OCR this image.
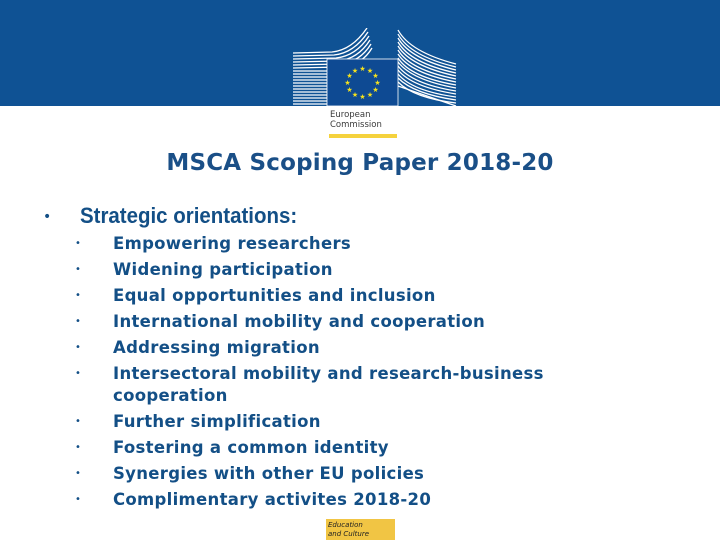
★ ★
★
★
★
★
★
★
★
★
★
★
European
Commission
MSCA Scoping Paper 2018-20
• Strategic orientations:
• Empowering researchers
• Widening participation
• Equal opportunities and inclusion
• International mobility and cooperation
• Addressing migration
• Intersectoral mobility and research-business cooperation
• Further simplification
• Fostering a common identity
• Synergies with other EU policies
• Complimentary activites 2018-20
Education
and Culture
